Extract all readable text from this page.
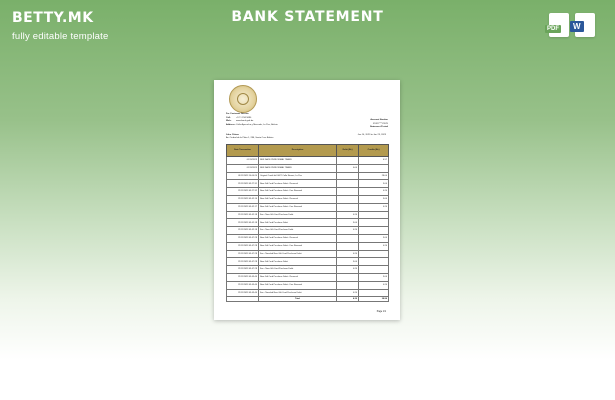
BETTY.MK
fully editable template
BANK STATEMENT
PDF	W
For Customer Service
Call: +57 1 234 5890
Web: www.bank.gob.bo
Address:Calle Ayacucho y Mercado, La Paz, Bolivia
Account Number
XXXX****XXXX
Statement Period
John Citizen
Av. Ciudad de la Plata 1, 286, Santa Cruz Bolivia
Jan 14, 2023 to Jan 23, 2023
Date Transaction	Description	Debit (Bs)	Credits (Bs)
01/11/2023	SEN DACE PERFORMAL TRANS		4.97
01/11/2023	SEN DACE PERFORMAL TRANS	0.00	
01/11/2023 10:00:20	Original Credit Intl 0027 Calle Illimani, La Paz		28.00
21/11/2023 09:27:31	New Gift Card Purchase Debit - Reversal		3.00
21/11/2023 09:27:32	New Gift Card Purchase Debit - Fee Removal		0.20
21/11/2023 09:42:16	New Gift Card Purchase Debit - Reversal		3.00
21/11/2023 09:42:17	New Gift Card Purchase Debit - Fee Removal		0.20
21/11/2023 09:42:18	Fee - New Gift Card Purchase Debit	0.20	
21/11/2023 09:42:18	New Gift Card Purchase Debit	3.00	
21/11/2023 09:42:18	Fee - New Gift Card Purchase Debit	0.20	
21/11/2023 09:47:28	New Gift Card Purchase Debit - Reversal		3.00
21/11/2023 09:47:28	New Gift Card Purchase Debit - Fee Removal		0.20
21/11/2023 09:47:28	Fee - Novolab New Gift Card Purchase Debit	0.20	
21/11/2023 09:47:28	New Gift Card Purchase Debit	3.00	
21/11/2023 09:47:28	Fee - New Gift Card Purchase Debit	0.20	
21/11/2023 09:49:44	New Gift Card Purchase Debit - Reversal		3.00
21/11/2023 09:49:44	New Gift Card Purchase Debit - Fee Removal		0.20
21/11/2023 09:49:44	Fee - Novolab New Gift Card Purchase Debit	0.20	
	Total	4.20	38.86
Page 1/1
